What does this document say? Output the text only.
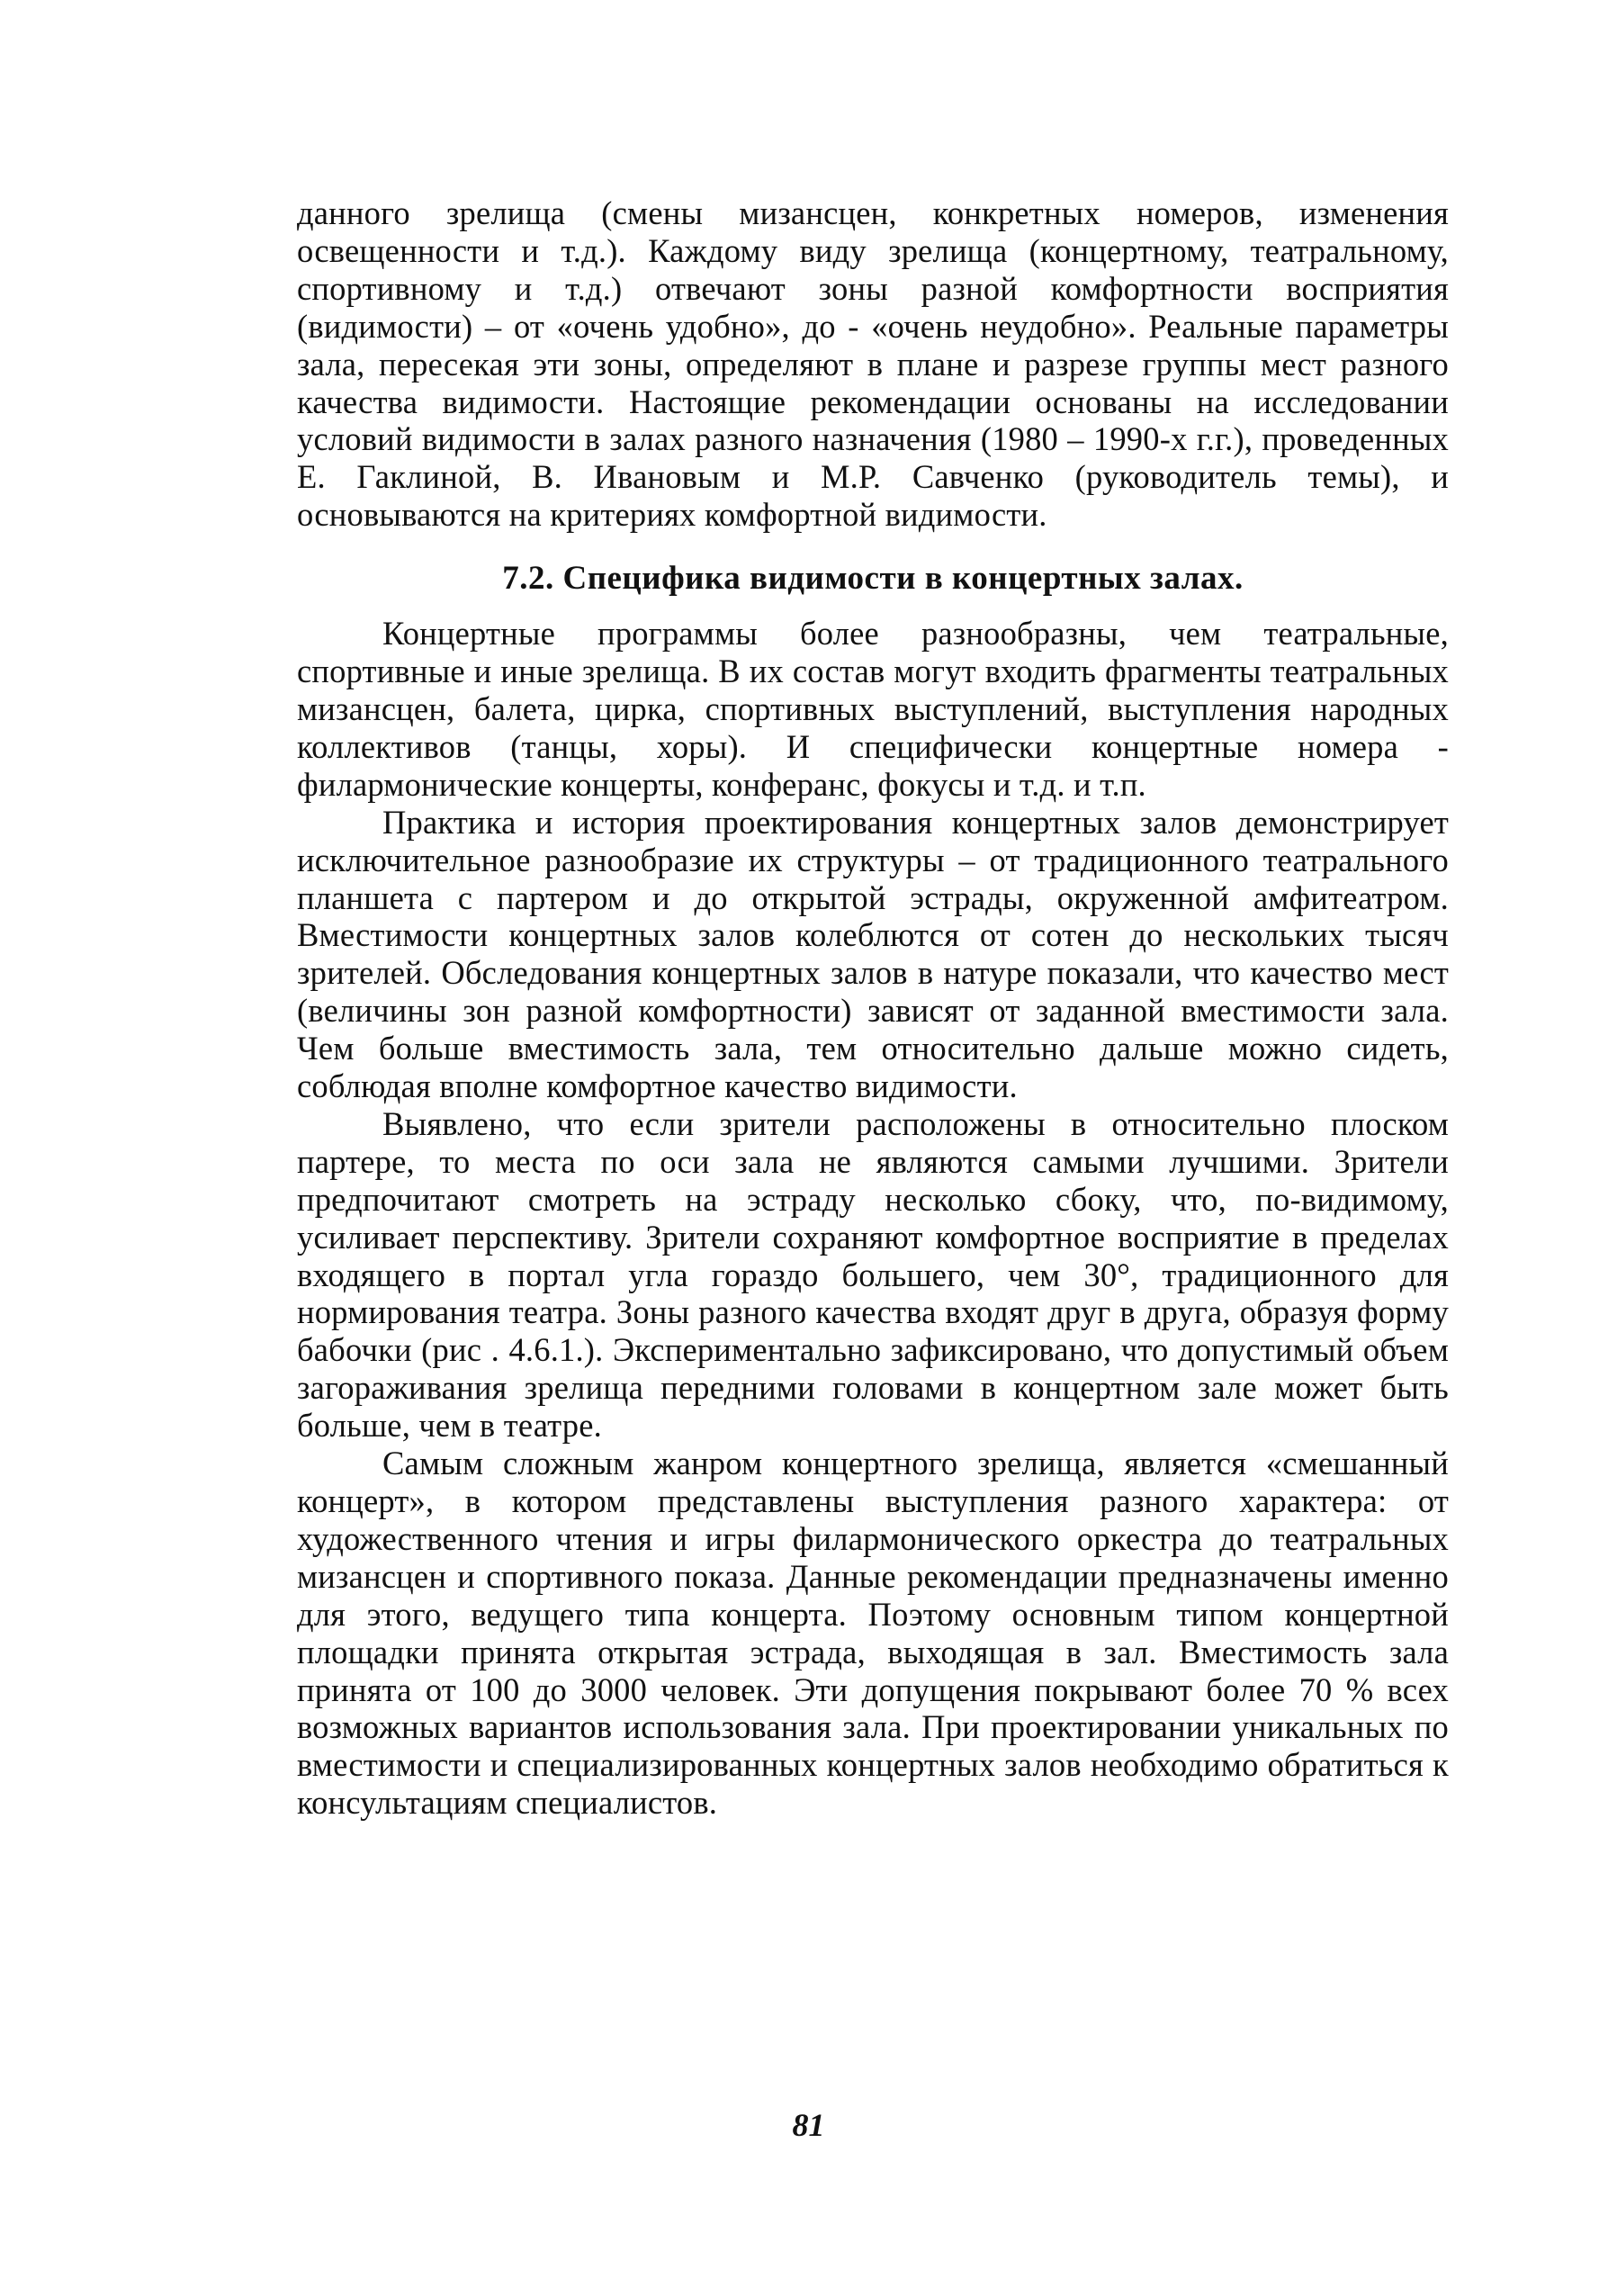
данного зрелища (смены мизансцен, конкретных номеров, изменения освещенности и т.д.). Каждому виду зрелища (концертному, театральному, спортивному и т.д.) отвечают зоны разной комфортности восприятия (видимости) – от «очень удобно», до - «очень неудобно». Реальные параметры зала, пересекая эти зоны, определяют в плане и разрезе группы мест разного качества видимости. Настоящие рекомендации основаны на исследовании условий видимости в залах разного назначения (1980 – 1990-х г.г.), проведенных Е. Гаклиной, В. Ивановым и М.Р. Савченко (руководитель темы), и основываются на критериях комфортной видимости.

7.2. Специфика видимости в концертных залах.

Концертные программы более разнообразны, чем театральные, спортивные и иные зрелища. В их состав могут входить фрагменты театральных мизансцен, балета, цирка, спортивных выступлений, выступления народных коллективов (танцы, хоры). И специфически концертные номера - филармонические концерты, конферанс, фокусы и т.д. и т.п.

Практика и история проектирования концертных залов демонстрирует исключительное разнообразие их структуры – от традиционного театрального планшета с партером и до открытой эстрады, окруженной амфитеатром. Вместимости концертных залов колеблются от сотен до нескольких тысяч зрителей. Обследования концертных залов в натуре показали, что качество мест (величины зон разной комфортности) зависят от заданной вместимости зала. Чем больше вместимость зала, тем относительно дальше можно сидеть, соблюдая вполне комфортное качество видимости.

Выявлено, что если зрители расположены в относительно плоском партере, то места по оси зала не являются самыми лучшими. Зрители предпочитают смотреть на эстраду несколько сбоку, что, по-видимому, усиливает перспективу. Зрители сохраняют комфортное восприятие в пределах входящего в портал угла гораздо большего, чем 30°, традиционного для нормирования театра. Зоны разного качества входят друг в друга, образуя форму бабочки (рис . 4.6.1.). Экспериментально зафиксировано, что допустимый объем загораживания зрелища передними головами в концертном зале может быть больше, чем в театре.

Самым сложным жанром концертного зрелища, является «смешанный концерт», в котором представлены выступления разного характера: от художественного чтения и игры филармонического оркестра до театральных мизансцен и спортивного показа. Данные рекомендации предназначены именно для этого, ведущего типа концерта. Поэтому основным типом концертной площадки принята открытая эстрада, выходящая в зал. Вместимость зала принята от 100 до 3000 человек. Эти допущения покрывают более 70 % всех возможных вариантов использования зала. При проектировании уникальных по вместимости и специализированных концертных залов необходимо обратиться к консультациям специалистов.

81
